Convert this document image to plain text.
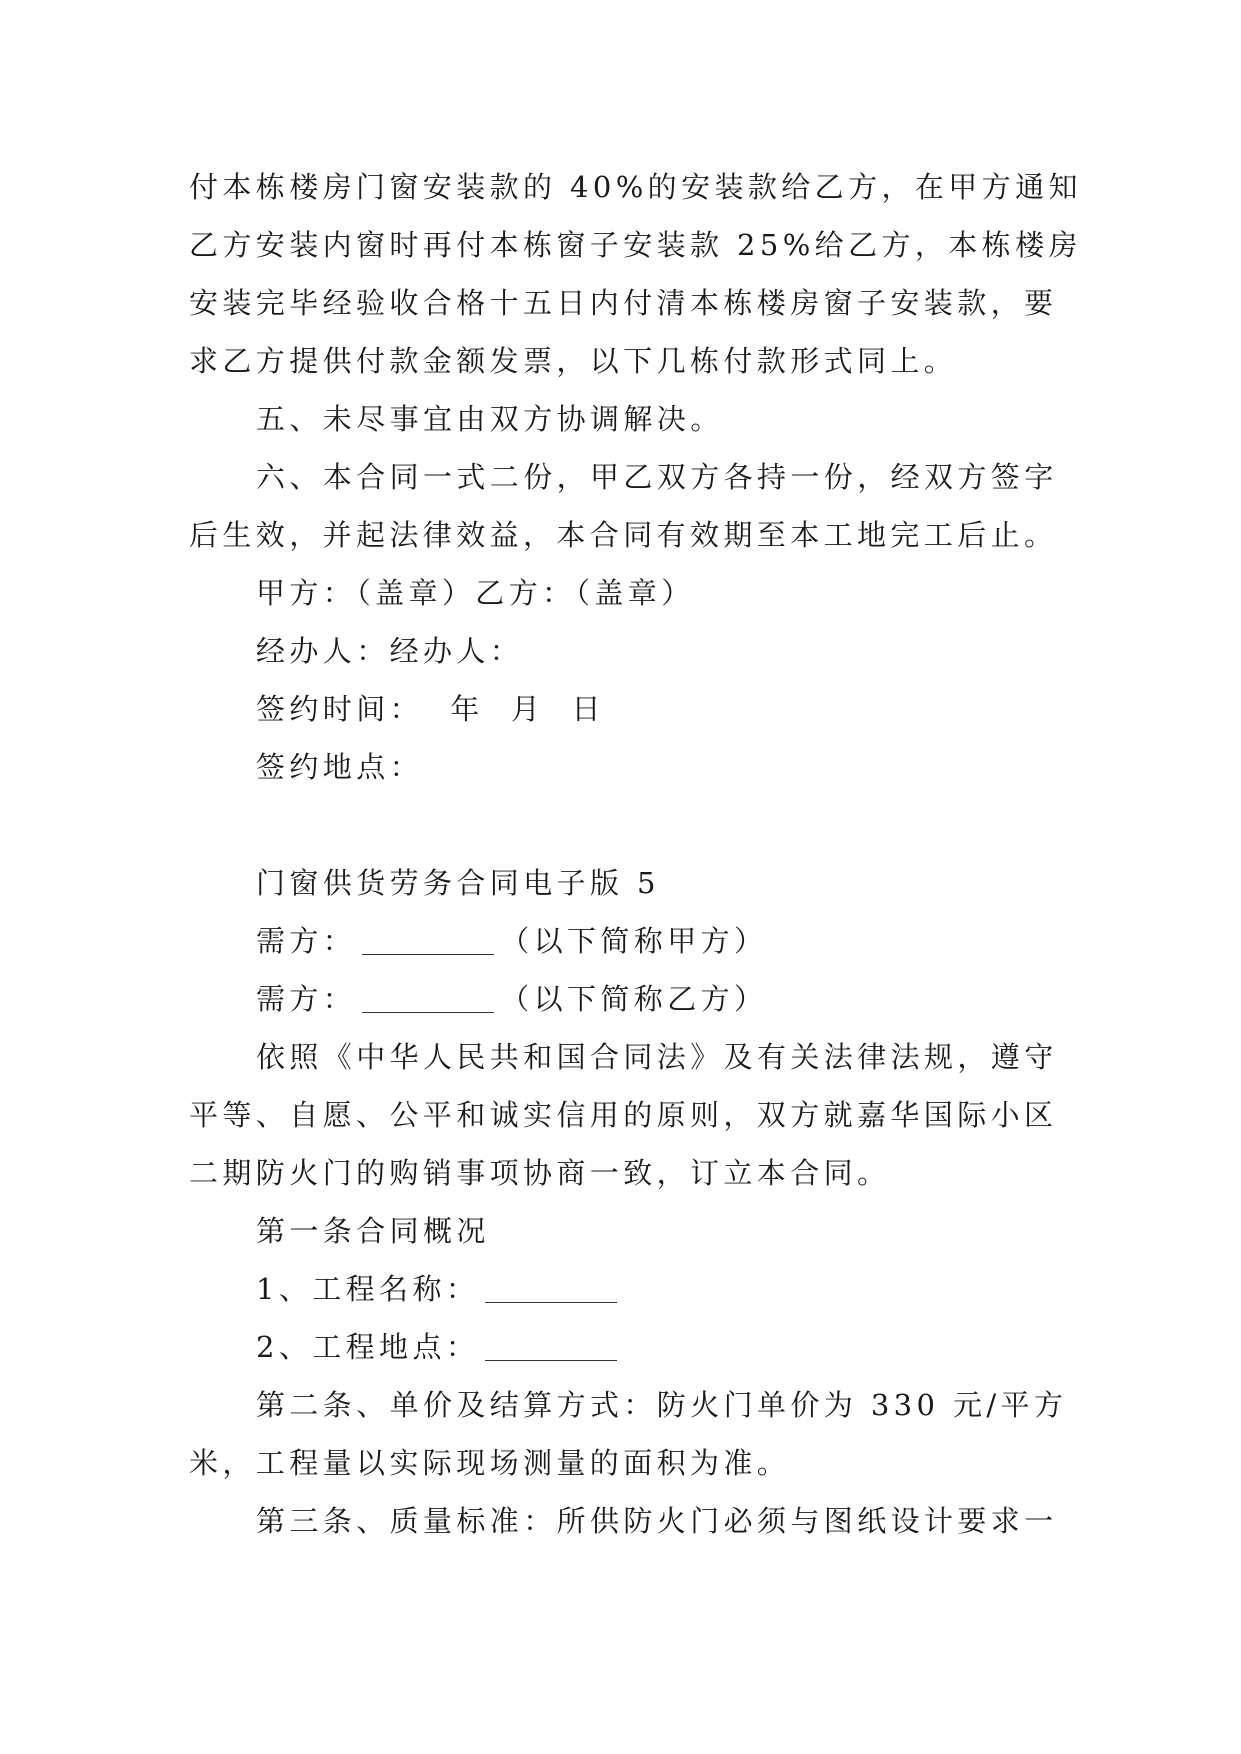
付本栋楼房门窗安装款的 40%的安装款给乙方，在甲方通知
乙方安装内窗时再付本栋窗子安装款 25%给乙方，本栋楼房
安装完毕经验收合格十五日内付清本栋楼房窗子安装款，要
求乙方提供付款金额发票，以下几栋付款形式同上。
五、未尽事宜由双方协调解决。
六、本合同一式二份，甲乙双方各持一份，经双方签字
后生效，并起法律效益，本合同有效期至本工地完工后止。
甲方：（盖章）乙方：（盖章）
经办人：经办人：
签约时间：  年  月  日
签约地点：
门窗供货劳务合同电子版 5
需方：	（以下简称甲方）
需方：	（以下简称乙方）
依照《中华人民共和国合同法》及有关法律法规，遵守
平等、自愿、公平和诚实信用的原则，双方就嘉华国际小区
二期防火门的购销事项协商一致，订立本合同。
第一条合同概况
1、工程名称：
2、工程地点：
第二条、单价及结算方式：防火门单价为 330 元/平方
米，工程量以实际现场测量的面积为准。
第三条、质量标准：所供防火门必须与图纸设计要求一
